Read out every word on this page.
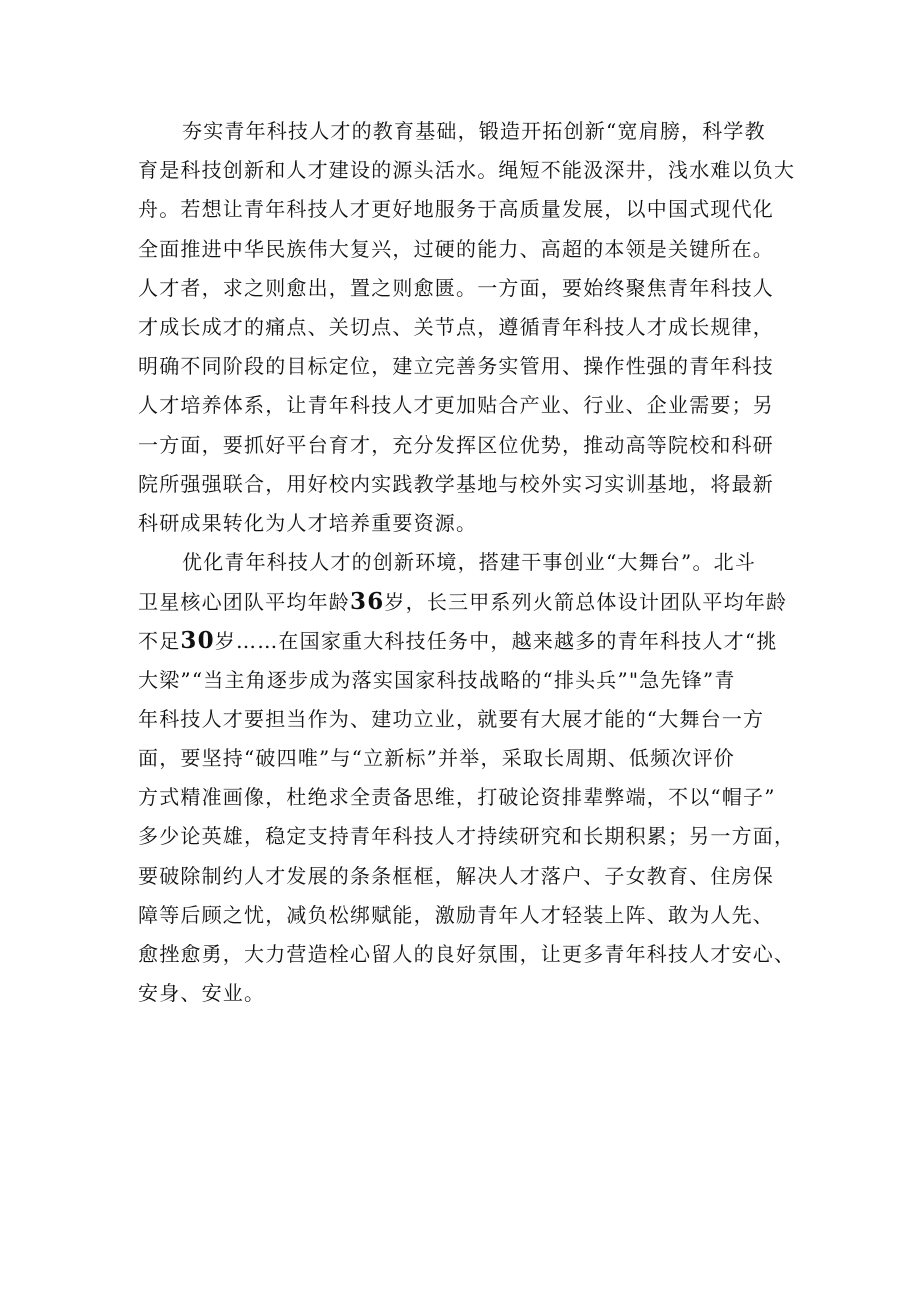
夯实青年科技人才的教育基础，锻造开拓创新“宽肩膀，科学教
育是科技创新和人才建设的源头活水。绳短不能汲深井，浅水难以负大
舟。若想让青年科技人才更好地服务于高质量发展，以中国式现代化
全面推进中华民族伟大复兴，过硬的能力、高超的本领是关键所在。
人才者，求之则愈出，置之则愈匮。一方面，要始终聚焦青年科技人
才成长成才的痛点、关切点、关节点，遵循青年科技人才成长规律，
明确不同阶段的目标定位，建立完善务实管用、操作性强的青年科技
人才培养体系，让青年科技人才更加贴合产业、行业、企业需要；另
一方面，要抓好平台育才，充分发挥区位优势，推动高等院校和科研
院所强强联合，用好校内实践教学基地与校外实习实训基地，将最新
科研成果转化为人才培养重要资源。
优化青年科技人才的创新环境，搭建干事创业“大舞台”。北斗
卫星核心团队平均年龄36岁，长三甲系列火箭总体设计团队平均年龄
不足30岁……在国家重大科技任务中，越来越多的青年科技人才“挑
大梁”“当主角逐步成为落实国家科技战略的“排头兵”"急先锋”青
年科技人才要担当作为、建功立业，就要有大展才能的“大舞台一方
面，要坚持“破四唯”与“立新标”并举，采取长周期、低频次评价
方式精准画像，杜绝求全责备思维，打破论资排辈弊端，不以“帽子”
多少论英雄，稳定支持青年科技人才持续研究和长期积累；另一方面，
要破除制约人才发展的条条框框，解决人才落户、子女教育、住房保
障等后顾之忧，减负松绑赋能，激励青年人才轻装上阵、敢为人先、
愈挫愈勇，大力营造栓心留人的良好氛围，让更多青年科技人才安心、
安身、安业。
